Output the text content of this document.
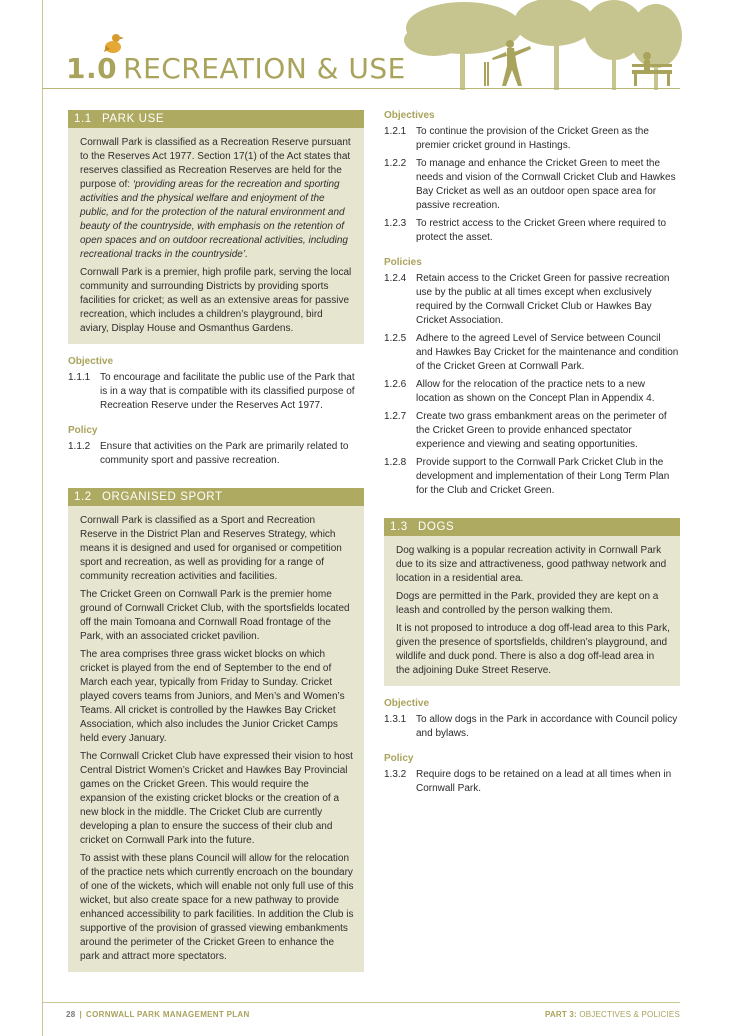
1.0 RECREATION & USE
1.1 PARK USE

Cornwall Park is classified as a Recreation Reserve pursuant to the Reserves Act 1977. Section 17(1) of the Act states that reserves classified as Recreation Reserves are held for the purpose of: ‘providing areas for the recreation and sporting activities and the physical welfare and enjoyment of the public, and for the protection of the natural environment and beauty of the countryside, with emphasis on the retention of open spaces and on outdoor recreational activities, including recreational tracks in the countryside’.

Cornwall Park is a premier, high profile park, serving the local community and surrounding Districts by providing sports facilities for cricket; as well as an extensive areas for passive recreation, which includes a children’s playground, bird aviary, Display House and Osmanthus Gardens.

Objective
1.1.1 To encourage and facilitate the public use of the Park that is in a way that is compatible with its classified purpose of Recreation Reserve under the Reserves Act 1977.
Policy
1.1.2 Ensure that activities on the Park are primarily related to community sport and passive recreation.
1.2 ORGANISED SPORT

Cornwall Park is classified as a Sport and Recreation Reserve in the District Plan and Reserves Strategy, which means it is designed and used for organised or competition sport and recreation, as well as providing for a range of community recreation activities and facilities.

The Cricket Green on Cornwall Park is the premier home ground of Cornwall Cricket Club, with the sportsfields located off the main Tomoana and Cornwall Road frontage of the Park, with an associated cricket pavilion.

The area comprises three grass wicket blocks on which cricket is played from the end of September to the end of March each year, typically from Friday to Sunday. Cricket played covers teams from Juniors, and Men’s and Women’s Teams. All cricket is controlled by the Hawkes Bay Cricket Association, which also includes the Junior Cricket Camps held every January.

The Cornwall Cricket Club have expressed their vision to host Central District Women’s Cricket and Hawkes Bay Provincial games on the Cricket Green. This would require the expansion of the existing cricket blocks or the creation of a new block in the middle. The Cricket Club are currently developing a plan to ensure the success of their club and cricket on Cornwall Park into the future.

To assist with these plans Council will allow for the relocation of the practice nets which currently encroach on the boundary of one of the wickets, which will enable not only full use of this wicket, but also create space for a new pathway to provide enhanced accessibility to park facilities. In addition the Club is supportive of the provision of grassed viewing embankments around the perimeter of the Cricket Green to enhance the park and attract more spectators.

Objectives
1.2.1 To continue the provision of the Cricket Green as the premier cricket ground in Hastings.
1.2.2 To manage and enhance the Cricket Green to meet the needs and vision of the Cornwall Cricket Club and Hawkes Bay Cricket as well as an outdoor open space area for passive recreation.
1.2.3 To restrict access to the Cricket Green where required to protect the asset.
Policies
1.2.4 Retain access to the Cricket Green for passive recreation use by the public at all times except when exclusively required by the Cornwall Cricket Club or Hawkes Bay Cricket Association.
1.2.5 Adhere to the agreed Level of Service between Council and Hawkes Bay Cricket for the maintenance and condition of the Cricket Green at Cornwall Park.
1.2.6 Allow for the relocation of the practice nets to a new location as shown on the Concept Plan in Appendix 4.
1.2.7 Create two grass embankment areas on the perimeter of the Cricket Green to provide enhanced spectator experience and viewing and seating opportunities.
1.2.8 Provide support to the Cornwall Park Cricket Club in the development and implementation of their Long Term Plan for the Club and Cricket Green.
1.3 DOGS

Dog walking is a popular recreation activity in Cornwall Park due to its size and attractiveness, good pathway network and location in a residential area.

Dogs are permitted in the Park, provided they are kept on a leash and controlled by the person walking them.

It is not proposed to introduce a dog off-lead area to this Park, given the presence of sportsfields, children’s playground, and wildlife and duck pond. There is also a dog off-lead area in the adjoining Duke Street Reserve.

Objective
1.3.1 To allow dogs in the Park in accordance with Council policy and bylaws.
Policy
1.3.2 Require dogs to be retained on a lead at all times when in Cornwall Park.
28 | CORNWALL PARK MANAGEMENT PLAN	PART 3: OBJECTIVES & POLICIES
